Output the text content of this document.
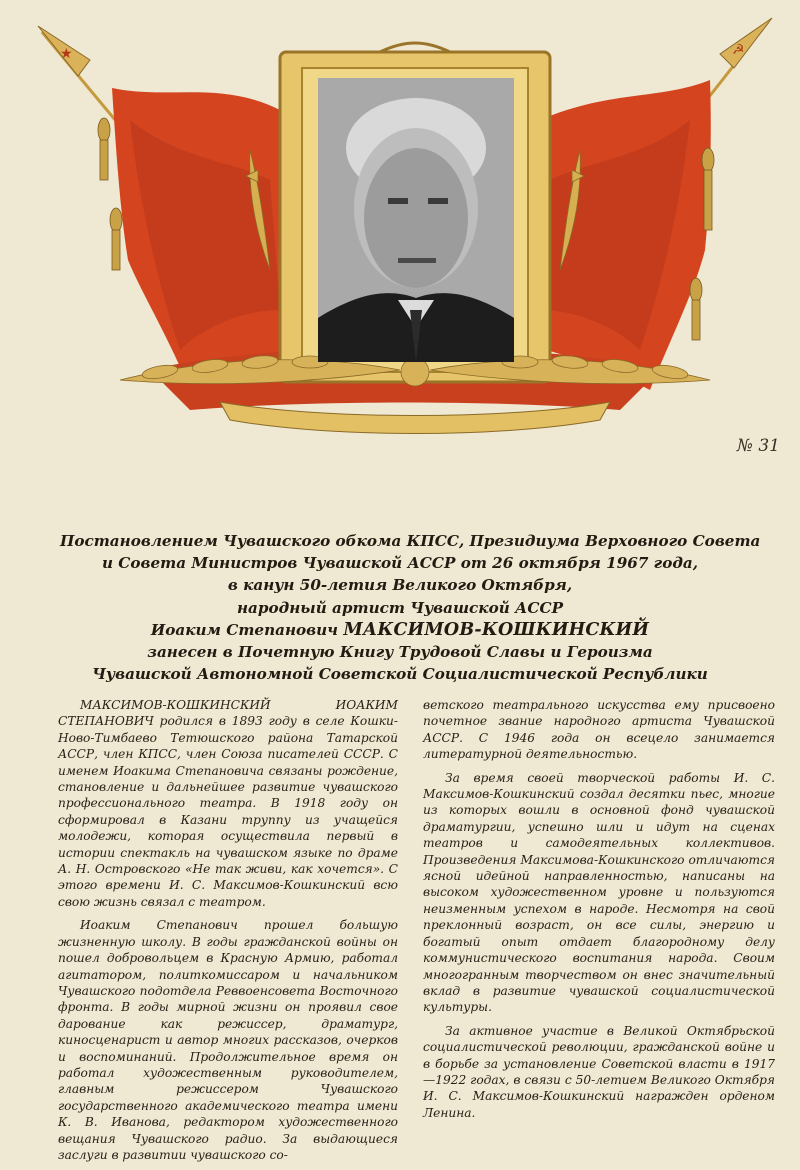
★	☭
№ 31
Постановлением Чувашского обкома КПСС, Президиума Верховного Совета
и Совета Министров Чувашской АССР от 26 октября 1967 года,
в канун 50-летия Великого Октября,
народный артист Чувашской АССР
Иоаким Степанович МАКСИМОВ-КОШКИНСКИЙ
занесен в Почетную Книгу Трудовой Славы и Героизма
Чувашской Автономной Советской Социалистической Республики

МАКСИМОВ-КОШКИНСКИЙ ИОАКИМ СТЕПАНОВИЧ родился в 1893 году в селе Кошки-Ново-Тимбаево Тетюшского района Татарской АССР, член КПСС, член Союза писателей СССР. С именем Иоакима Степановича связаны рождение, становление и дальнейшее развитие чувашского профессионального театра. В 1918 году он сформировал в Казани труппу из учащейся молодежи, которая осуществила первый в истории спектакль на чувашском языке по драме А. Н. Островского «Не так живи, как хочется». С этого времени И. С. Максимов-Кошкинский всю свою жизнь связал с театром.

Иоаким Степанович прошел большую жизненную школу. В годы гражданской войны он пошел добровольцем в Красную Армию, работал агитатором, политкомиссаром и начальником Чувашского подотдела Реввоенсовета Восточного фронта. В годы мирной жизни он проявил свое дарование как режиссер, драматург, киносценарист и автор многих рассказов, очерков и воспоминаний. Продолжительное время он работал художественным руководителем, главным режиссером Чувашского государственного академического театра имени К. В. Иванова, редактором художественного вещания Чувашского радио. За выдающиеся заслуги в развитии чувашского со-

ветского театрального искусства ему присвоено почетное звание народного артиста Чувашской АССР. С 1946 года он всецело занимается литературной деятельностью.

За время своей творческой работы И. С. Максимов-Кошкинский создал десятки пьес, многие из которых вошли в основной фонд чувашской драматургии, успешно шли и идут на сценах театров и самодеятельных коллективов. Произведения Максимова-Кошкинского отличаются ясной идейной направленностью, написаны на высоком художественном уровне и пользуются неизменным успехом в народе. Несмотря на свой преклонный возраст, он все силы, энергию и богатый опыт отдает благородному делу коммунистического воспитания народа. Своим многогранным творчеством он внес значительный вклад в развитие чувашской социалистической культуры.

За активное участие в Великой Октябрьской социалистической революции, гражданской войне и в борьбе за установление Советской власти в 1917—1922 годах, в связи с 50-летием Великого Октября И. С. Максимов-Кошкинский награжден орденом Ленина.
